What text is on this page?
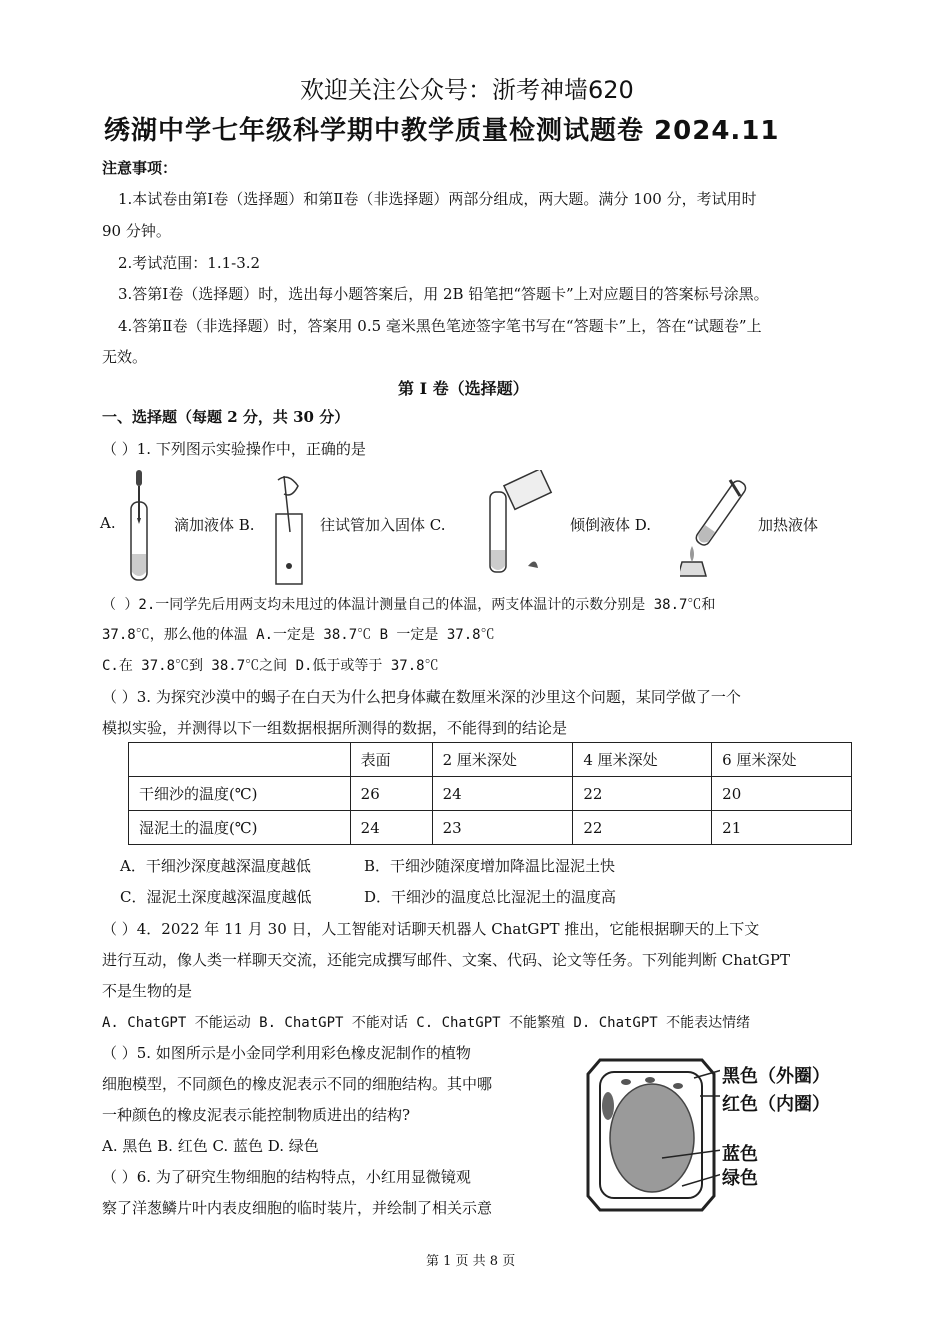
欢迎关注公众号：浙考神墙620
绣湖中学七年级科学期中教学质量检测试题卷 2024.11
注意事项：
1.本试卷由第Ⅰ卷（选择题）和第Ⅱ卷（非选择题）两部分组成，两大题。满分 100 分，考试用时
90 分钟。
2.考试范围：1.1-3.2
3.答第Ⅰ卷（选择题）时，选出每小题答案后，用 2B 铅笔把“答题卡”上对应题目的答案标号涂黑。
4.答第Ⅱ卷（非选择题）时，答案用 0.5 毫米黑色笔迹签字笔书写在“答题卡”上，答在“试题卷”上
无效。
第 I 卷（选择题）
一、选择题（每题 2 分，共 30 分）
（ ）1. 下列图示实验操作中，正确的是
A.	滴加液体 B.	往试管加入固体 C.	倾倒液体 D.	加热液体
（ ）2.一同学先后用两支均未甩过的体温计测量自己的体温，两支体温计的示数分别是 38.7℃和
37.8℃，那么他的体温 A.一定是 38.7℃ B 一定是 37.8℃
C.在 37.8℃到 38.7℃之间 D.低于或等于 37.8℃
（ ）3. 为探究沙漠中的蝎子在白天为什么把身体藏在数厘米深的沙里这个问题，某同学做了一个
模拟实验，并测得以下一组数据根据所测得的数据，不能得到的结论是
	表面	2 厘米深处	4 厘米深处	6 厘米深处
干细沙的温度(℃)	26	24	22	20
湿泥土的温度(℃)	24	23	22	21
A．干细沙深度越深温度越低	B．干细沙随深度增加降温比湿泥土快
C．湿泥土深度越深温度越低	D．干细沙的温度总比湿泥土的温度高
（ ）4．2022 年 11 月 30 日，人工智能对话聊天机器人 ChatGPT 推出，它能根据聊天的上下文
进行互动，像人类一样聊天交流，还能完成撰写邮件、文案、代码、论文等任务。下列能判断 ChatGPT
不是生物的是
A. ChatGPT 不能运动 B. ChatGPT 不能对话 C. ChatGPT 不能繁殖 D. ChatGPT 不能表达情绪
（ ）5. 如图所示是小金同学利用彩色橡皮泥制作的植物
细胞模型，不同颜色的橡皮泥表示不同的细胞结构。其中哪
一种颜色的橡皮泥表示能控制物质进出的结构?
A. 黑色 B. 红色 C. 蓝色 D. 绿色
黑色（外圈）
红色（内圈）
蓝色
绿色
（ ）6. 为了研究生物细胞的结构特点，小红用显微镜观
察了洋葱鳞片叶内表皮细胞的临时装片，并绘制了相关示意
第 1 页 共 8 页
